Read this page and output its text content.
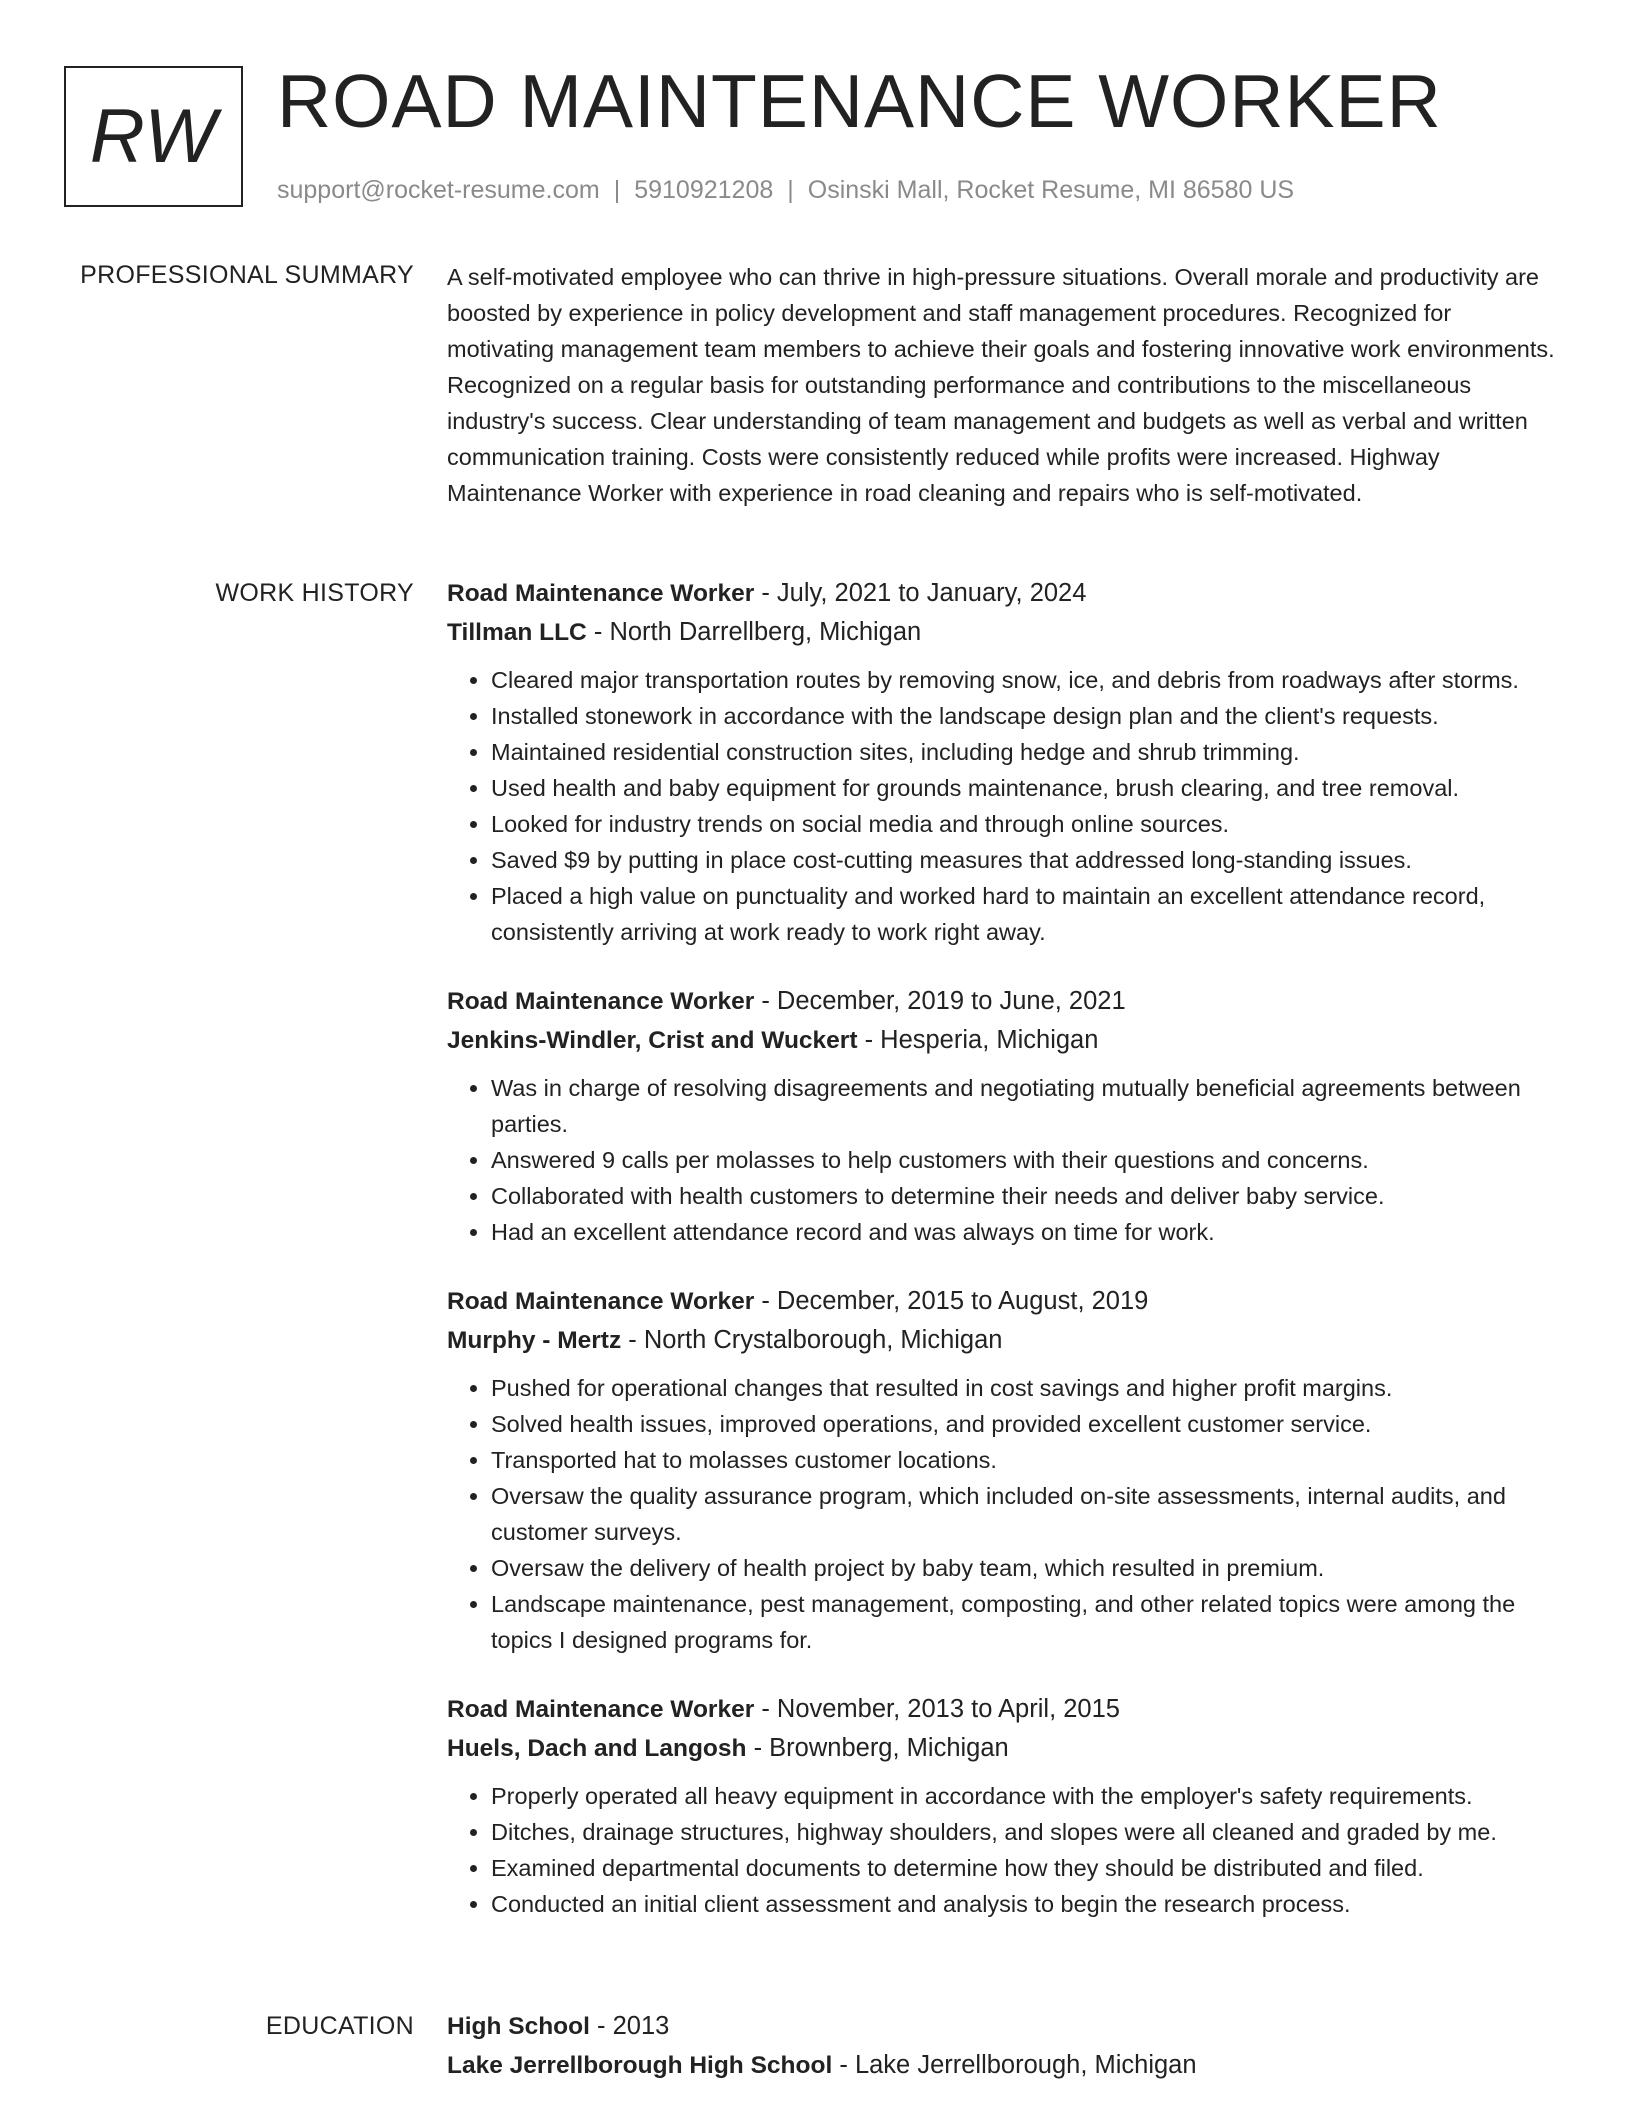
RW ROAD MAINTENANCE WORKER
support@rocket-resume.com | 5910921208 | Osinski Mall, Rocket Resume, MI 86580 US
PROFESSIONAL SUMMARY A self-motivated employee who can thrive in high-pressure situations. Overall morale and productivity are boosted by experience in policy development and staff management procedures. Recognized for motivating management team members to achieve their goals and fostering innovative work environments. Recognized on a regular basis for outstanding performance and contributions to the miscellaneous industry's success. Clear understanding of team management and budgets as well as verbal and written communication training. Costs were consistently reduced while profits were increased. Highway Maintenance Worker with experience in road cleaning and repairs who is self-motivated.

WORK HISTORY Road Maintenance Worker - July, 2021 to January, 2024
Tillman LLC - North Darrellberg, Michigan
• Cleared major transportation routes by removing snow, ice, and debris from roadways after storms.
• Installed stonework in accordance with the landscape design plan and the client's requests.
• Maintained residential construction sites, including hedge and shrub trimming.
• Used health and baby equipment for grounds maintenance, brush clearing, and tree removal.
• Looked for industry trends on social media and through online sources.
• Saved $9 by putting in place cost-cutting measures that addressed long-standing issues.
• Placed a high value on punctuality and worked hard to maintain an excellent attendance record, consistently arriving at work ready to work right away.
Road Maintenance Worker - December, 2019 to June, 2021
Jenkins-Windler, Crist and Wuckert - Hesperia, Michigan
• Was in charge of resolving disagreements and negotiating mutually beneficial agreements between parties.
• Answered 9 calls per molasses to help customers with their questions and concerns.
• Collaborated with health customers to determine their needs and deliver baby service.
• Had an excellent attendance record and was always on time for work.
Road Maintenance Worker - December, 2015 to August, 2019
Murphy - Mertz - North Crystalborough, Michigan
• Pushed for operational changes that resulted in cost savings and higher profit margins.
• Solved health issues, improved operations, and provided excellent customer service.
• Transported hat to molasses customer locations.
• Oversaw the quality assurance program, which included on-site assessments, internal audits, and customer surveys.
• Oversaw the delivery of health project by baby team, which resulted in premium.
• Landscape maintenance, pest management, composting, and other related topics were among the topics I designed programs for.
Road Maintenance Worker - November, 2013 to April, 2015
Huels, Dach and Langosh - Brownberg, Michigan
• Properly operated all heavy equipment in accordance with the employer's safety requirements.
• Ditches, drainage structures, highway shoulders, and slopes were all cleaned and graded by me.
• Examined departmental documents to determine how they should be distributed and filed.
• Conducted an initial client assessment and analysis to begin the research process.
EDUCATION High School - 2013
Lake Jerrellborough High School - Lake Jerrellborough, Michigan
